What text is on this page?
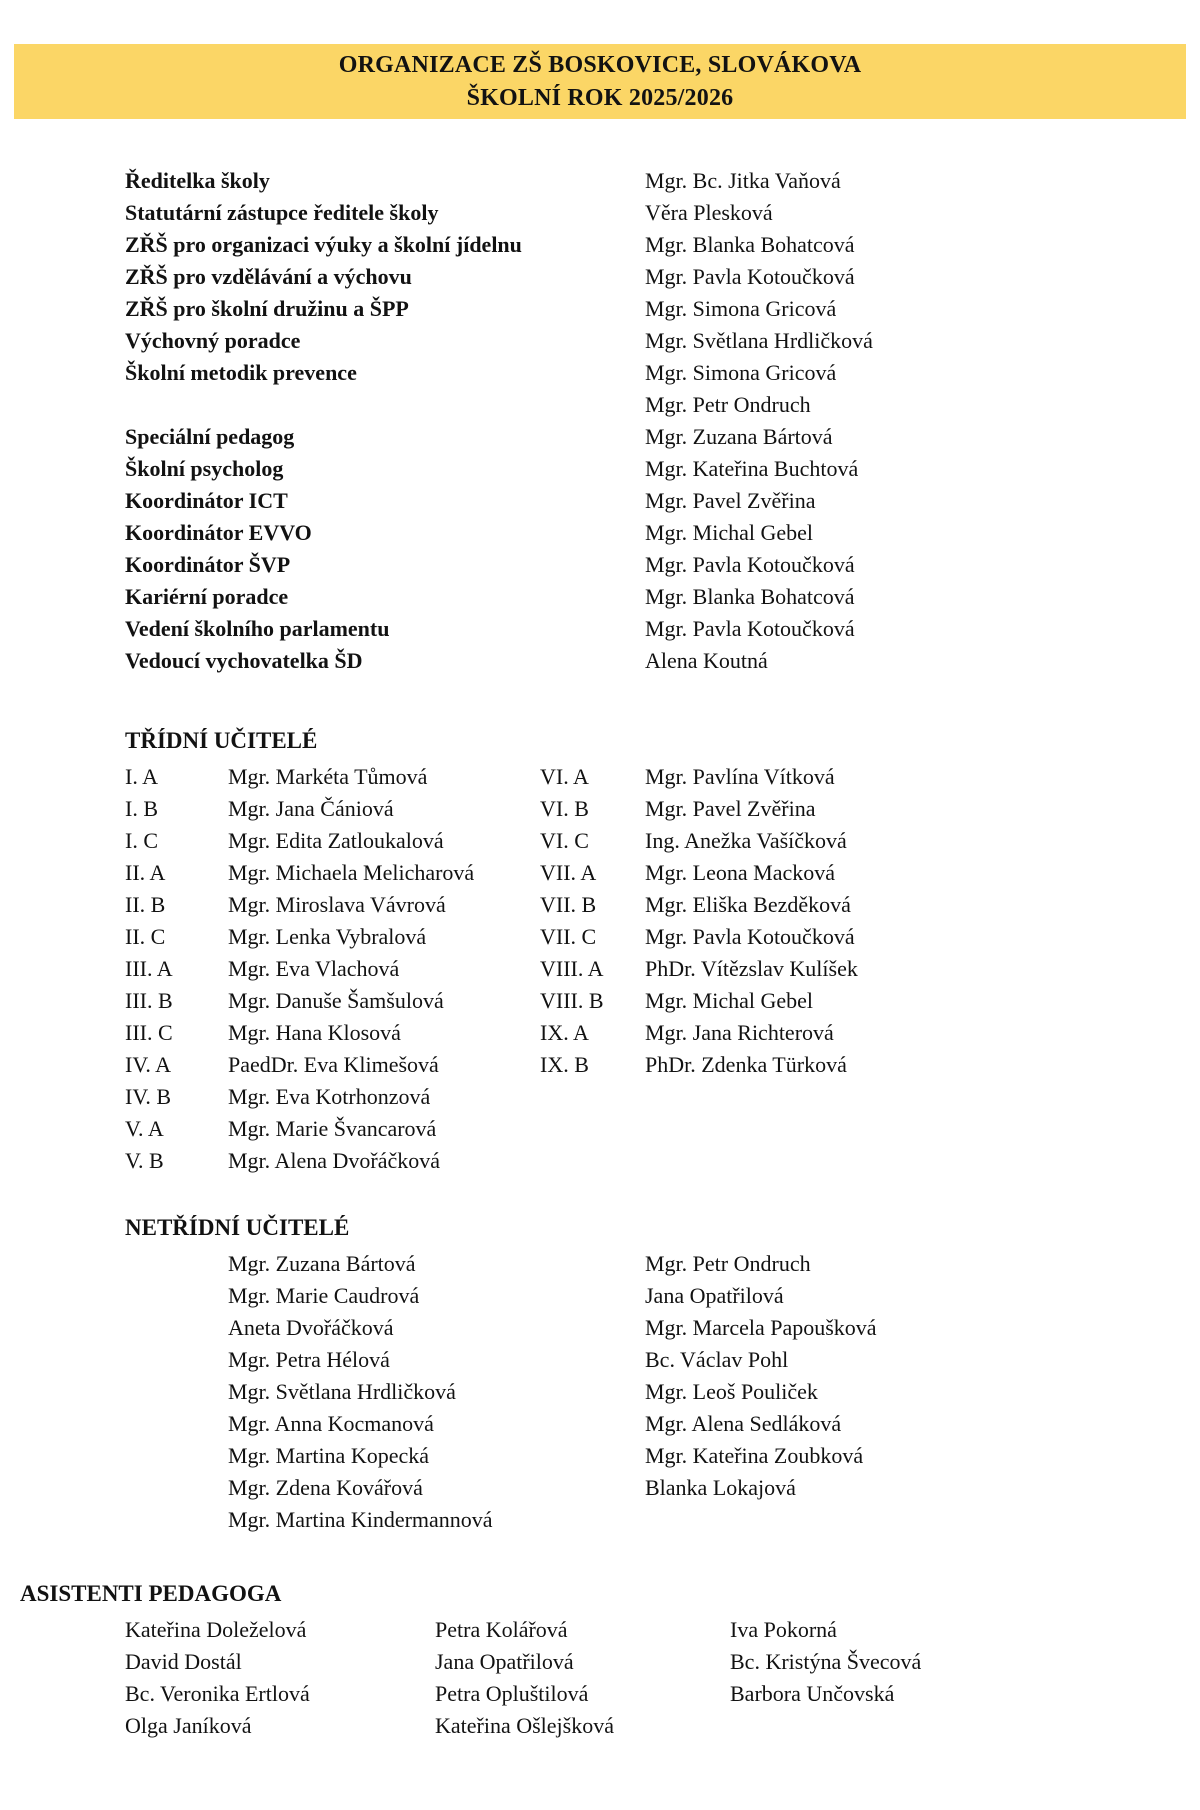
ORGANIZACE ZŠ BOSKOVICE, SLOVÁKOVA
ŠKOLNÍ ROK 2025/2026
Ředitelka školy	Mgr. Bc. Jitka Vaňová
Statutární zástupce ředitele školy	Věra Plesková
ZŘŠ pro organizaci výuky a školní jídelnu	Mgr. Blanka Bohatcová
ZŘŠ pro vzdělávání a výchovu	Mgr. Pavla Kotoučková
ZŘŠ pro školní družinu a ŠPP	Mgr. Simona Gricová
Výchovný poradce	Mgr. Světlana Hrdličková
Školní metodik prevence	Mgr. Simona Gricová
Mgr. Petr Ondruch
Speciální pedagog	Mgr. Zuzana Bártová
Školní psycholog	Mgr. Kateřina Buchtová
Koordinátor ICT	Mgr. Pavel Zvěřina
Koordinátor EVVO	Mgr. Michal Gebel
Koordinátor ŠVP	Mgr. Pavla Kotoučková
Kariérní poradce	Mgr. Blanka Bohatcová
Vedení školního parlamentu	Mgr. Pavla Kotoučková
Vedoucí vychovatelka ŠD	Alena Koutná
TŘÍDNÍ UČITELÉ
I. A	Mgr. Markéta Tůmová
I. B	Mgr. Jana Čániová
I. C	Mgr. Edita Zatloukalová
II. A	Mgr. Michaela Melicharová
II. B	Mgr. Miroslava Vávrová
II. C	Mgr. Lenka Vybralová
III. A	Mgr. Eva Vlachová
III. B	Mgr. Danuše Šamšulová
III. C	Mgr. Hana Klosová
IV. A	PaedDr. Eva Klimešová
IV. B	Mgr. Eva Kotrhonzová
V. A	Mgr. Marie Švancarová
V. B	Mgr. Alena Dvořáčková
VI. A	Mgr. Pavlína Vítková
VI. B	Mgr. Pavel Zvěřina
VI. C	Ing. Anežka Vašíčková
VII. A	Mgr. Leona Macková
VII. B	Mgr. Eliška Bezděková
VII. C	Mgr. Pavla Kotoučková
VIII. A	PhDr. Vítězslav Kulíšek
VIII. B	Mgr. Michal Gebel
IX. A	Mgr. Jana Richterová
IX. B	PhDr. Zdenka Türková
NETŘÍDNÍ UČITELÉ
Mgr. Zuzana Bártová
Mgr. Marie Caudrová
Aneta Dvořáčková
Mgr. Petra Hélová
Mgr. Světlana Hrdličková
Mgr. Anna Kocmanová
Mgr. Martina Kopecká
Mgr. Zdena Kovářová
Mgr. Martina Kindermannová
Mgr. Petr Ondruch
Jana Opatřilová
Mgr. Marcela Papoušková
Bc. Václav Pohl
Mgr. Leoš Pouliček
Mgr. Alena Sedláková
Mgr. Kateřina Zoubková
Blanka Lokajová
ASISTENTI PEDAGOGA
Kateřina Doleželová
David Dostál
Bc. Veronika Ertlová
Olga Janíková
Petra Kolářová
Jana Opatřilová
Petra Opluštilová
Kateřina Ošlejšková
Iva Pokorná
Bc. Kristýna Švecová
Barbora Unčovská
